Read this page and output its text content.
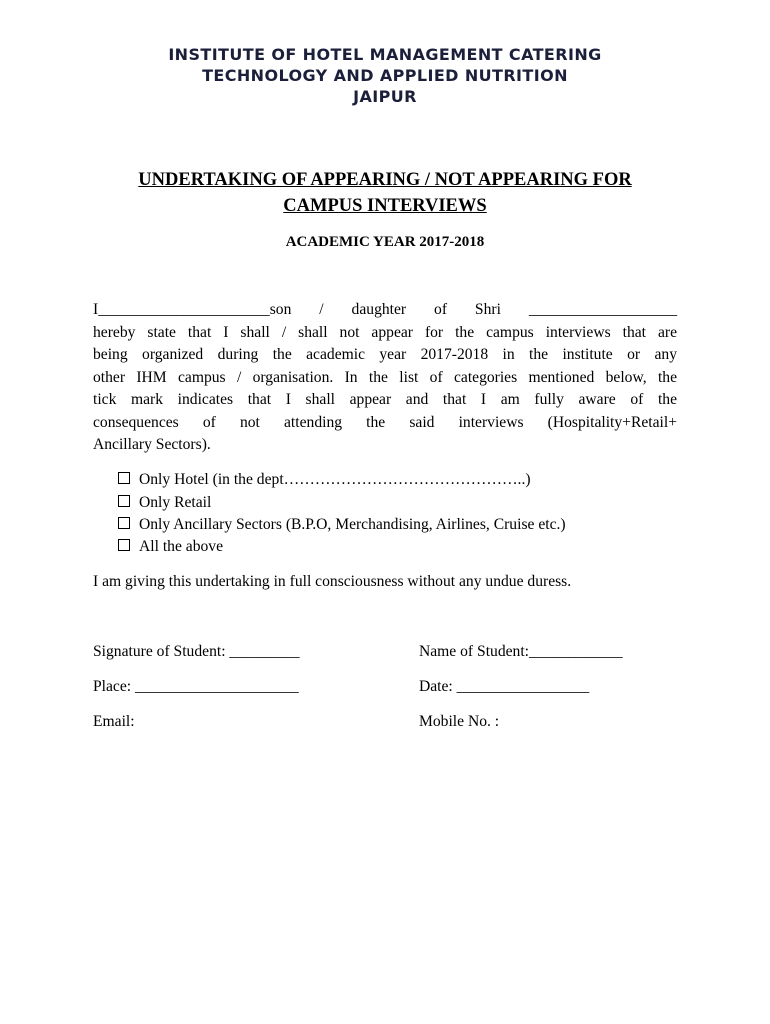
INSTITUTE OF HOTEL MANAGEMENT CATERING
TECHNOLOGY AND APPLIED NUTRITION
JAIPUR
UNDERTAKING OF APPEARING / NOT APPEARING FOR
CAMPUS INTERVIEWS
ACADEMIC YEAR 2017-2018
I______________________son / daughter of Shri ___________________
hereby state that I shall / shall not appear for the campus interviews that are
being organized during the academic year 2017-2018 in the institute or any
other IHM campus / organisation. In the list of categories mentioned below, the
tick mark indicates that I shall appear and that I am fully aware of the
consequences of not attending the said interviews (Hospitality+Retail+
Ancillary Sectors).
Only Hotel (in the dept………………………………………..)
Only Retail
Only Ancillary Sectors (B.P.O, Merchandising, Airlines, Cruise etc.)
All the above
I am giving this undertaking in full consciousness without any undue duress.
Signature of Student: _________	Name of Student:____________
Place: _____________________	Date: _________________
Email:	Mobile No. :
